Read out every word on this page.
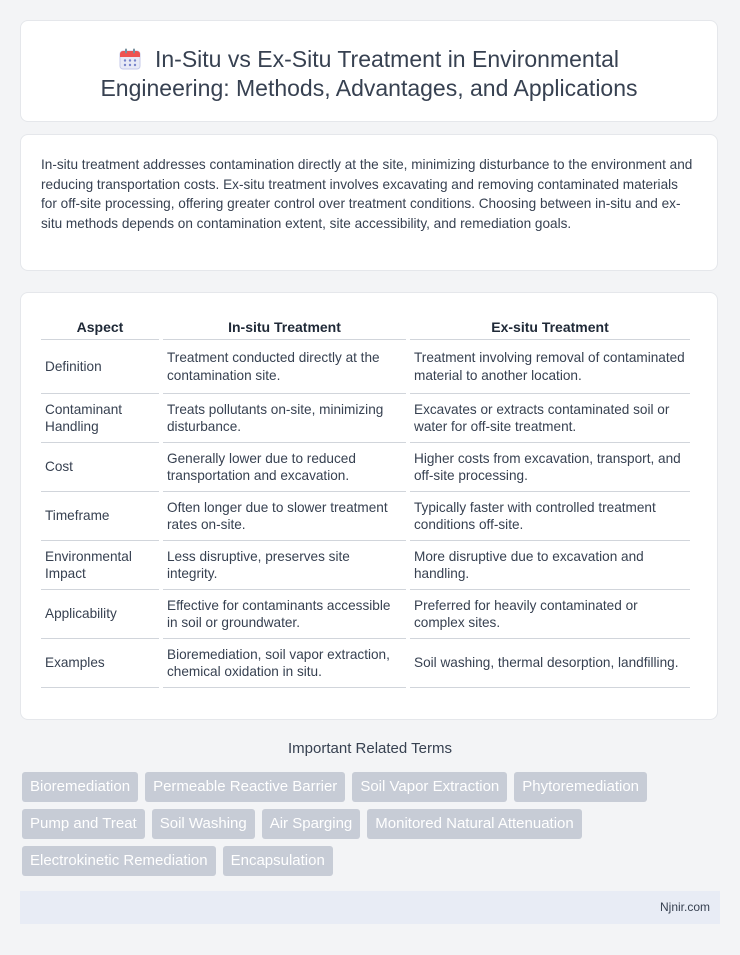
In-Situ vs Ex-Situ Treatment in Environmental Engineering: Methods, Advantages, and Applications

In-situ treatment addresses contamination directly at the site, minimizing disturbance to the environment and reducing transportation costs. Ex-situ treatment involves excavating and removing contaminated materials for off-site processing, offering greater control over treatment conditions. Choosing between in-situ and ex-situ methods depends on contamination extent, site accessibility, and remediation goals.

Aspect	In-situ Treatment	Ex-situ Treatment
Definition	Treatment conducted directly at the contamination site.	Treatment involving removal of contaminated material to another location.
Contaminant Handling	Treats pollutants on-site, minimizing disturbance.	Excavates or extracts contaminated soil or water for off-site treatment.
Cost	Generally lower due to reduced transportation and excavation.	Higher costs from excavation, transport, and off-site processing.
Timeframe	Often longer due to slower treatment rates on-site.	Typically faster with controlled treatment conditions off-site.
Environmental Impact	Less disruptive, preserves site integrity.	More disruptive due to excavation and handling.
Applicability	Effective for contaminants accessible in soil or groundwater.	Preferred for heavily contaminated or complex sites.
Examples	Bioremediation, soil vapor extraction, chemical oxidation in situ.	Soil washing, thermal desorption, landfilling.
Important Related Terms
Bioremediation	Permeable Reactive Barrier	Soil Vapor Extraction	Phytoremediation
Pump and Treat	Soil Washing	Air Sparging	Monitored Natural Attenuation
Electrokinetic Remediation	Encapsulation
Njnir.com
